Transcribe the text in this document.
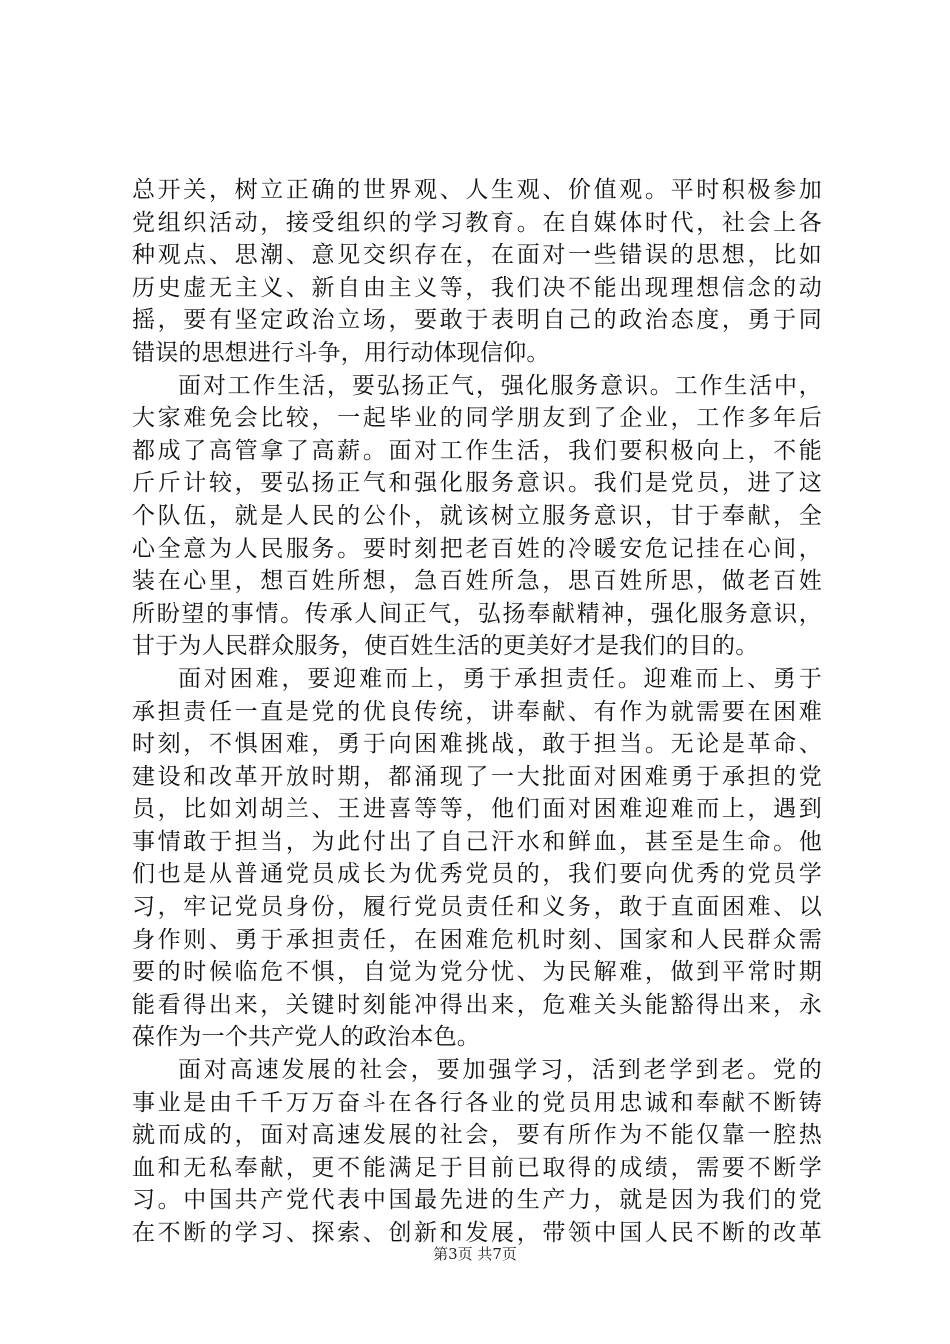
总开关，树立正确的世界观、人生观、价值观。平时积极参加
党组织活动，接受组织的学习教育。在自媒体时代，社会上各
种观点、思潮、意见交织存在，在面对一些错误的思想，比如
历史虚无主义、新自由主义等，我们决不能出现理想信念的动
摇，要有坚定政治立场，要敢于表明自己的政治态度，勇于同
错误的思想进行斗争，用行动体现信仰。
面对工作生活，要弘扬正气，强化服务意识。工作生活中，
大家难免会比较，一起毕业的同学朋友到了企业，工作多年后
都成了高管拿了高薪。面对工作生活，我们要积极向上，不能
斤斤计较，要弘扬正气和强化服务意识。我们是党员，进了这
个队伍，就是人民的公仆，就该树立服务意识，甘于奉献，全
心全意为人民服务。要时刻把老百姓的冷暖安危记挂在心间，
装在心里，想百姓所想，急百姓所急，思百姓所思，做老百姓
所盼望的事情。传承人间正气，弘扬奉献精神，强化服务意识，
甘于为人民群众服务，使百姓生活的更美好才是我们的目的。
面对困难，要迎难而上，勇于承担责任。迎难而上、勇于
承担责任一直是党的优良传统，讲奉献、有作为就需要在困难
时刻，不惧困难，勇于向困难挑战，敢于担当。无论是革命、
建设和改革开放时期，都涌现了一大批面对困难勇于承担的党
员，比如刘胡兰、王进喜等等，他们面对困难迎难而上，遇到
事情敢于担当，为此付出了自己汗水和鲜血，甚至是生命。他
们也是从普通党员成长为优秀党员的，我们要向优秀的党员学
习，牢记党员身份，履行党员责任和义务，敢于直面困难、以
身作则、勇于承担责任，在困难危机时刻、国家和人民群众需
要的时候临危不惧，自觉为党分忧、为民解难，做到平常时期
能看得出来，关键时刻能冲得出来，危难关头能豁得出来，永
葆作为一个共产党人的政治本色。
面对高速发展的社会，要加强学习，活到老学到老。党的
事业是由千千万万奋斗在各行各业的党员用忠诚和奉献不断铸
就而成的，面对高速发展的社会，要有所作为不能仅靠一腔热
血和无私奉献，更不能满足于目前已取得的成绩，需要不断学
习。中国共产党代表中国最先进的生产力，就是因为我们的党
在不断的学习、探索、创新和发展，带领中国人民不断的改革
第3页 共7页
